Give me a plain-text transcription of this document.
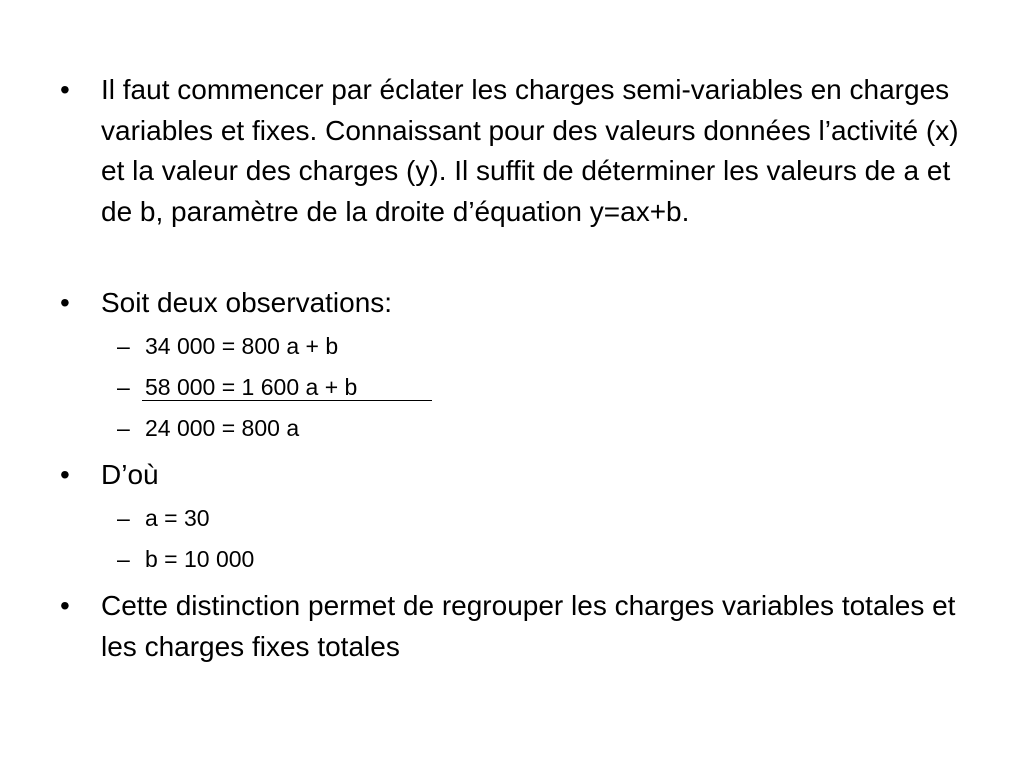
•	Il faut commencer par éclater les charges semi-variables en charges variables et fixes. Connaissant pour des valeurs données l’activité (x) et la valeur des charges (y). Il suffit de déterminer les valeurs de a et de b, paramètre de la droite d’équation y=ax+b.
•	Soit deux observations:
– 34 000 = 800 a + b
– 58 000 = 1 600 a + b
– 24 000 = 800 a
•	D’où
– a = 30
– b = 10 000
•	Cette distinction permet de regrouper les charges variables totales et les charges fixes totales
